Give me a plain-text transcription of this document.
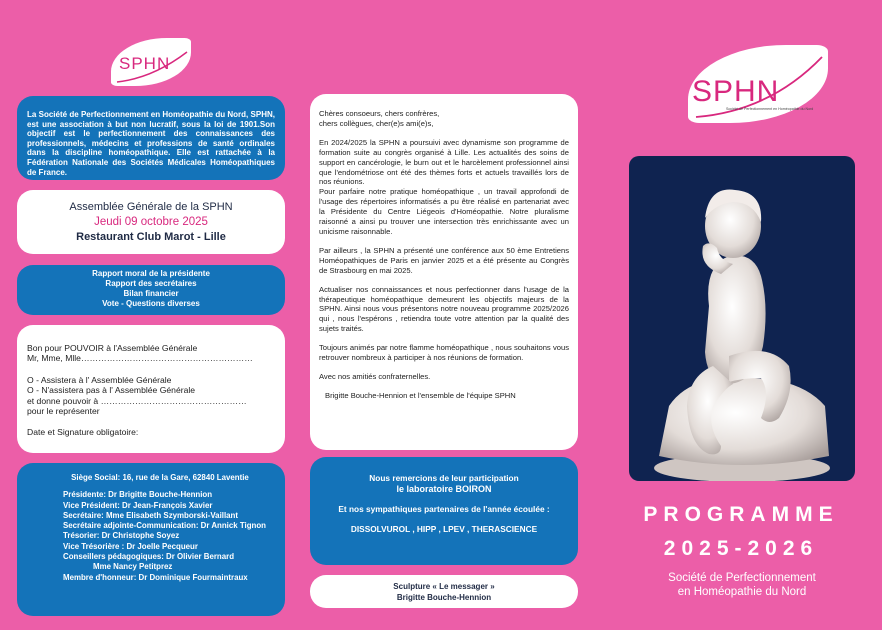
SPHN
La Société de Perfectionnement en Homéopathie du Nord, SPHN, est une association à but non lucratif, sous la loi de 1901.Son objectif est le perfectionnement des connaissances des professionnels, médecins et professions de santé ordinales dans la discipline homéopathique. Elle est rattachée à la Fédération Nationale des Sociétés Médicales Homéopathiques de France.
Assemblée Générale de la SPHN
Jeudi 09 octobre 2025
Restaurant Club Marot - Lille
Rapport moral de la présidente
Rapport des secrétaires
Bilan financier
Vote - Questions diverses
Bon pour POUVOIR à l'Assemblée Générale
Mr, Mme, Mlle……………………………………………………
O - Assistera à l' Assemblée Générale
O - N'assistera pas à l' Assemblée Générale
et donne pouvoir à ……………………………………………
pour le représenter
Date et Signature obligatoire:
Siège Social: 16, rue de la Gare, 62840 Laventie
Présidente: Dr Brigitte Bouche-Hennion
Vice Président: Dr Jean-François Xavier
Secrétaire: Mme Elisabeth Szymborski-Vaillant
Secrétaire adjointe-Communication: Dr Annick Tignon
Trésorier: Dr Christophe Soyez
Vice Trésorière : Dr Joelle Pecqueur
Conseillers pédagogiques: Dr Olivier Bernard
Mme Nancy Petitprez
Membre d'honneur: Dr Dominique Fourmaintraux

Chères consoeurs, chers confrères,

chers collègues, cher(e)s ami(e)s,

En 2024/2025 la SPHN a poursuivi avec dynamisme son programme de formation suite au congrès organisé à Lille. Les actualités des soins de support en cancérologie, le burn out et le harcèlement professionnel ainsi que l'endométriose ont été des thèmes forts et actuels travaillés lors de nos réunions.

Pour parfaire notre pratique homéopathique , un travail approfondi de l'usage des répertoires informatisés a pu être réalisé en partenariat avec la Présidente du Centre Liégeois d'Homéopathie. Notre pluralisme raisonné a ainsi pu trouver une intersection très enrichissante avec un unicisme raisonnable.

Par ailleurs , la SPHN a présenté une conférence aux 50 ème Entretiens Homéopathiques de Paris en janvier 2025 et a été présente au Congrès de Strasbourg en mai 2025.

Actualiser nos connaissances et nous perfectionner dans l'usage de la thérapeutique homéopathique demeurent les objectifs majeurs de la SPHN. Ainsi nous vous présentons notre nouveau programme 2025/2026 qui , nous l'espérons , retiendra toute votre attention par la qualité des sujets traités.

Toujours animés par notre flamme homéopathique , nous souhaitons vous retrouver nombreux à participer à nos réunions de formation.

Avec nos amitiés confraternelles.

Brigitte Bouche-Hennion et l'ensemble de l'équipe SPHN

Nous remercions de leur participation
le laboratoire BOIRON
Et nos sympathiques partenaires de l'année écoulée :
DISSOLVUROL , HIPP , LPEV , THERASCIENCE
Sculpture « Le messager »
Brigitte Bouche-Hennion
SPHN
Société de Perfectionnement en Homéopathie du Nord
PROGRAMME
2025-2026
Société de Perfectionnement
en Homéopathie du Nord
